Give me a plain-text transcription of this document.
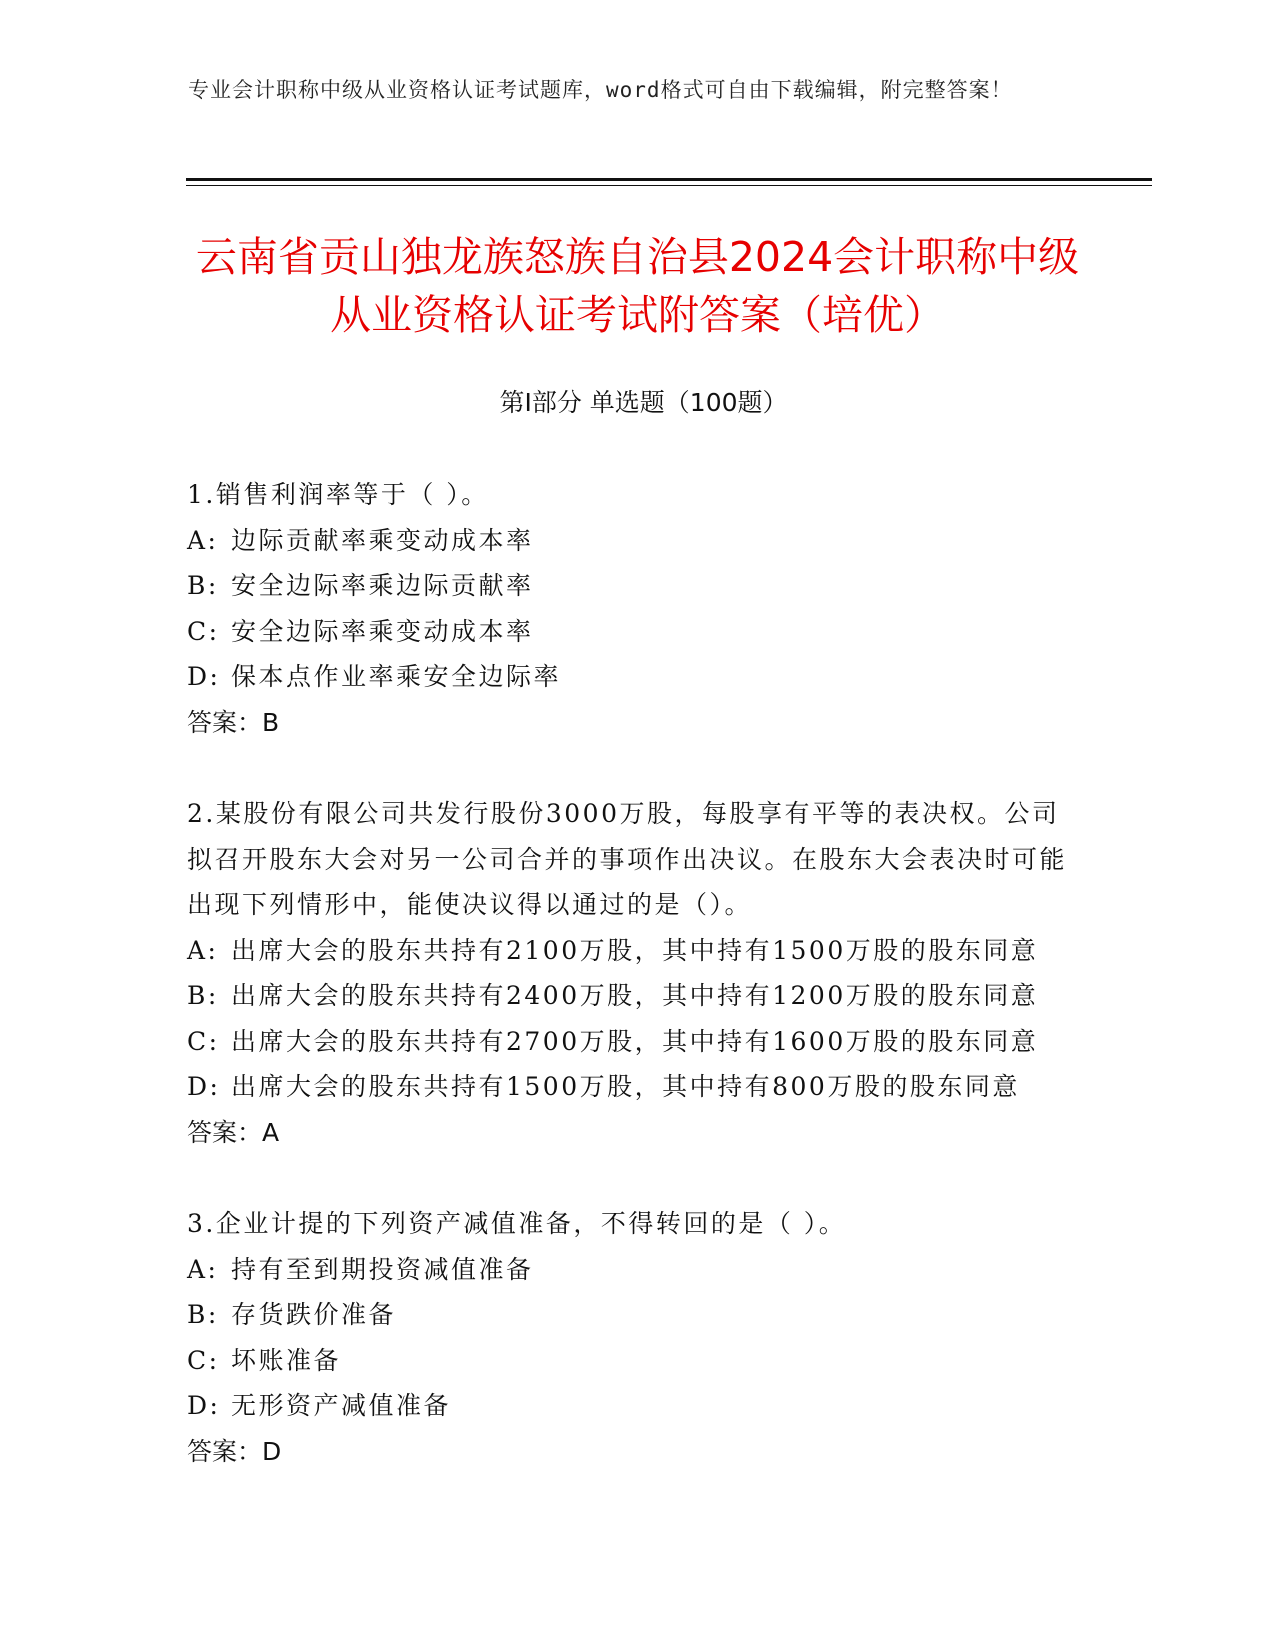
专业会计职称中级从业资格认证考试题库，word格式可自由下载编辑，附完整答案！
云南省贡山独龙族怒族自治县2024会计职称中级从业资格认证考试附答案（培优）
第Ⅰ部分 单选题（100题）
1.销售利润率等于（ ）。
A: 边际贡献率乘变动成本率
B: 安全边际率乘边际贡献率
C: 安全边际率乘变动成本率
D: 保本点作业率乘安全边际率
答案：B
2.某股份有限公司共发行股份3000万股，每股享有平等的表决权。公司拟召开股东大会对另一公司合并的事项作出决议。在股东大会表决时可能出现下列情形中，能使决议得以通过的是（）。
A: 出席大会的股东共持有2100万股，其中持有1500万股的股东同意
B: 出席大会的股东共持有2400万股，其中持有1200万股的股东同意
C: 出席大会的股东共持有2700万股，其中持有1600万股的股东同意
D: 出席大会的股东共持有1500万股，其中持有800万股的股东同意
答案：A
3.企业计提的下列资产减值准备，不得转回的是（ ）。
A: 持有至到期投资减值准备
B: 存货跌价准备
C: 坏账准备
D: 无形资产减值准备
答案：D
